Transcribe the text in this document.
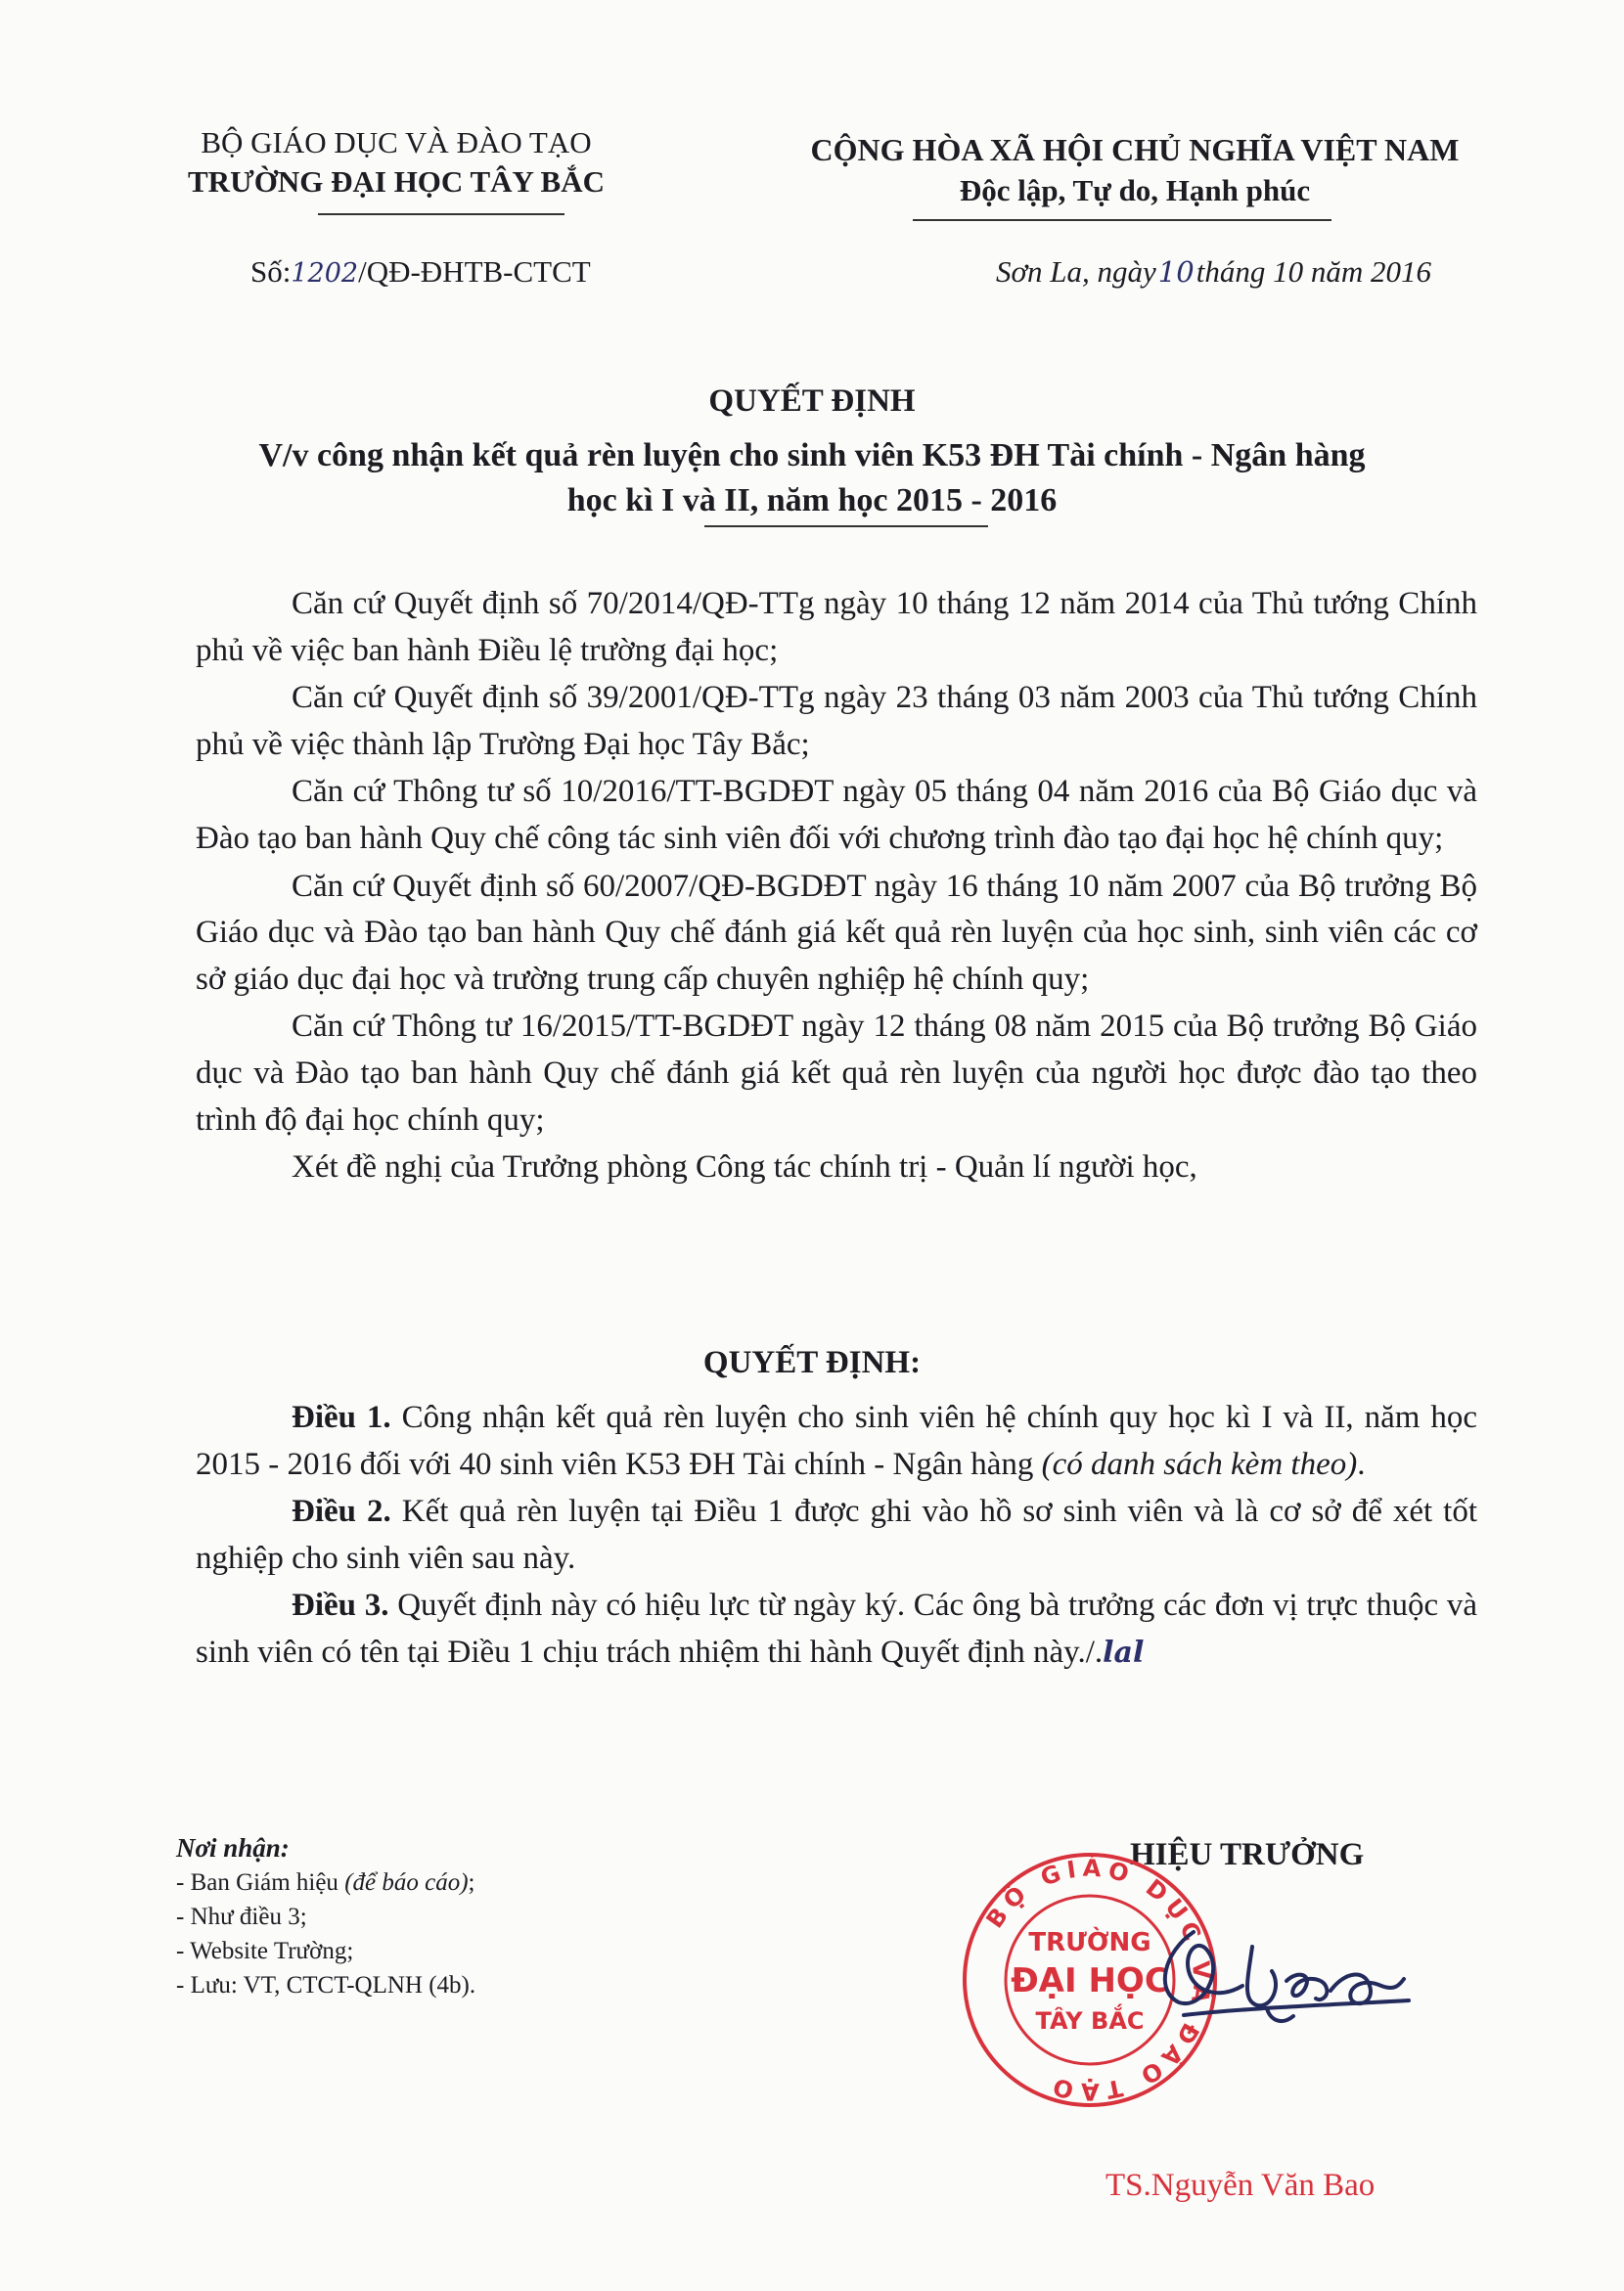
BỘ GIÁO DỤC VÀ ĐÀO TẠO
TRƯỜNG ĐẠI HỌC TÂY BẮC
CỘNG HÒA XÃ HỘI CHỦ NGHĨA VIỆT NAM
Độc lập, Tự do, Hạnh phúc
Số:1202/QĐ-ĐHTB-CTCT	Sơn La, ngày10tháng 10 năm 2016
QUYẾT ĐỊNH
V/v công nhận kết quả rèn luyện cho sinh viên K53 ĐH Tài chính - Ngân hàng
học kì I và II, năm học 2015 - 2016

Căn cứ Quyết định số 70/2014/QĐ-TTg ngày 10 tháng 12 năm 2014 của Thủ tướng Chính phủ về việc ban hành Điều lệ trường đại học;

Căn cứ Quyết định số 39/2001/QĐ-TTg ngày 23 tháng 03 năm 2003 của Thủ tướng Chính phủ về việc thành lập Trường Đại học Tây Bắc;

Căn cứ Thông tư số 10/2016/TT-BGDĐT ngày 05 tháng 04 năm 2016 của Bộ Giáo dục và Đào tạo ban hành Quy chế công tác sinh viên đối với chương trình đào tạo đại học hệ chính quy;

Căn cứ Quyết định số 60/2007/QĐ-BGDĐT ngày 16 tháng 10 năm 2007 của Bộ trưởng Bộ Giáo dục và Đào tạo ban hành Quy chế đánh giá kết quả rèn luyện của học sinh, sinh viên các cơ sở giáo dục đại học và trường trung cấp chuyên nghiệp hệ chính quy;

Căn cứ Thông tư 16/2015/TT-BGDĐT ngày 12 tháng 08 năm 2015 của Bộ trưởng Bộ Giáo dục và Đào tạo ban hành Quy chế đánh giá kết quả rèn luyện của người học được đào tạo theo trình độ đại học chính quy;

Xét đề nghị của Trưởng phòng Công tác chính trị - Quản lí người học,

QUYẾT ĐỊNH:

Điều 1. Công nhận kết quả rèn luyện cho sinh viên hệ chính quy học kì I và II, năm học 2015 - 2016 đối với 40 sinh viên K53 ĐH Tài chính - Ngân hàng (có danh sách kèm theo).

Điều 2. Kết quả rèn luyện tại Điều 1 được ghi vào hồ sơ sinh viên và là cơ sở để xét tốt nghiệp cho sinh viên sau này.

Điều 3. Quyết định này có hiệu lực từ ngày ký. Các ông bà trưởng các đơn vị trực thuộc và sinh viên có tên tại Điều 1 chịu trách nhiệm thi hành Quyết định này./.lal

Nơi nhận:
- Ban Giám hiệu (để báo cáo);
- Như điều 3;
- Website Trường;
- Lưu: VT, CTCT-QLNH (4b).
HIỆU TRƯỞNG
BỘ GIÁO DỤC VÀ ĐÀO TẠO
TRƯỜNG
ĐẠI HỌC
TÂY BẮC
TS.Nguyễn Văn Bao
